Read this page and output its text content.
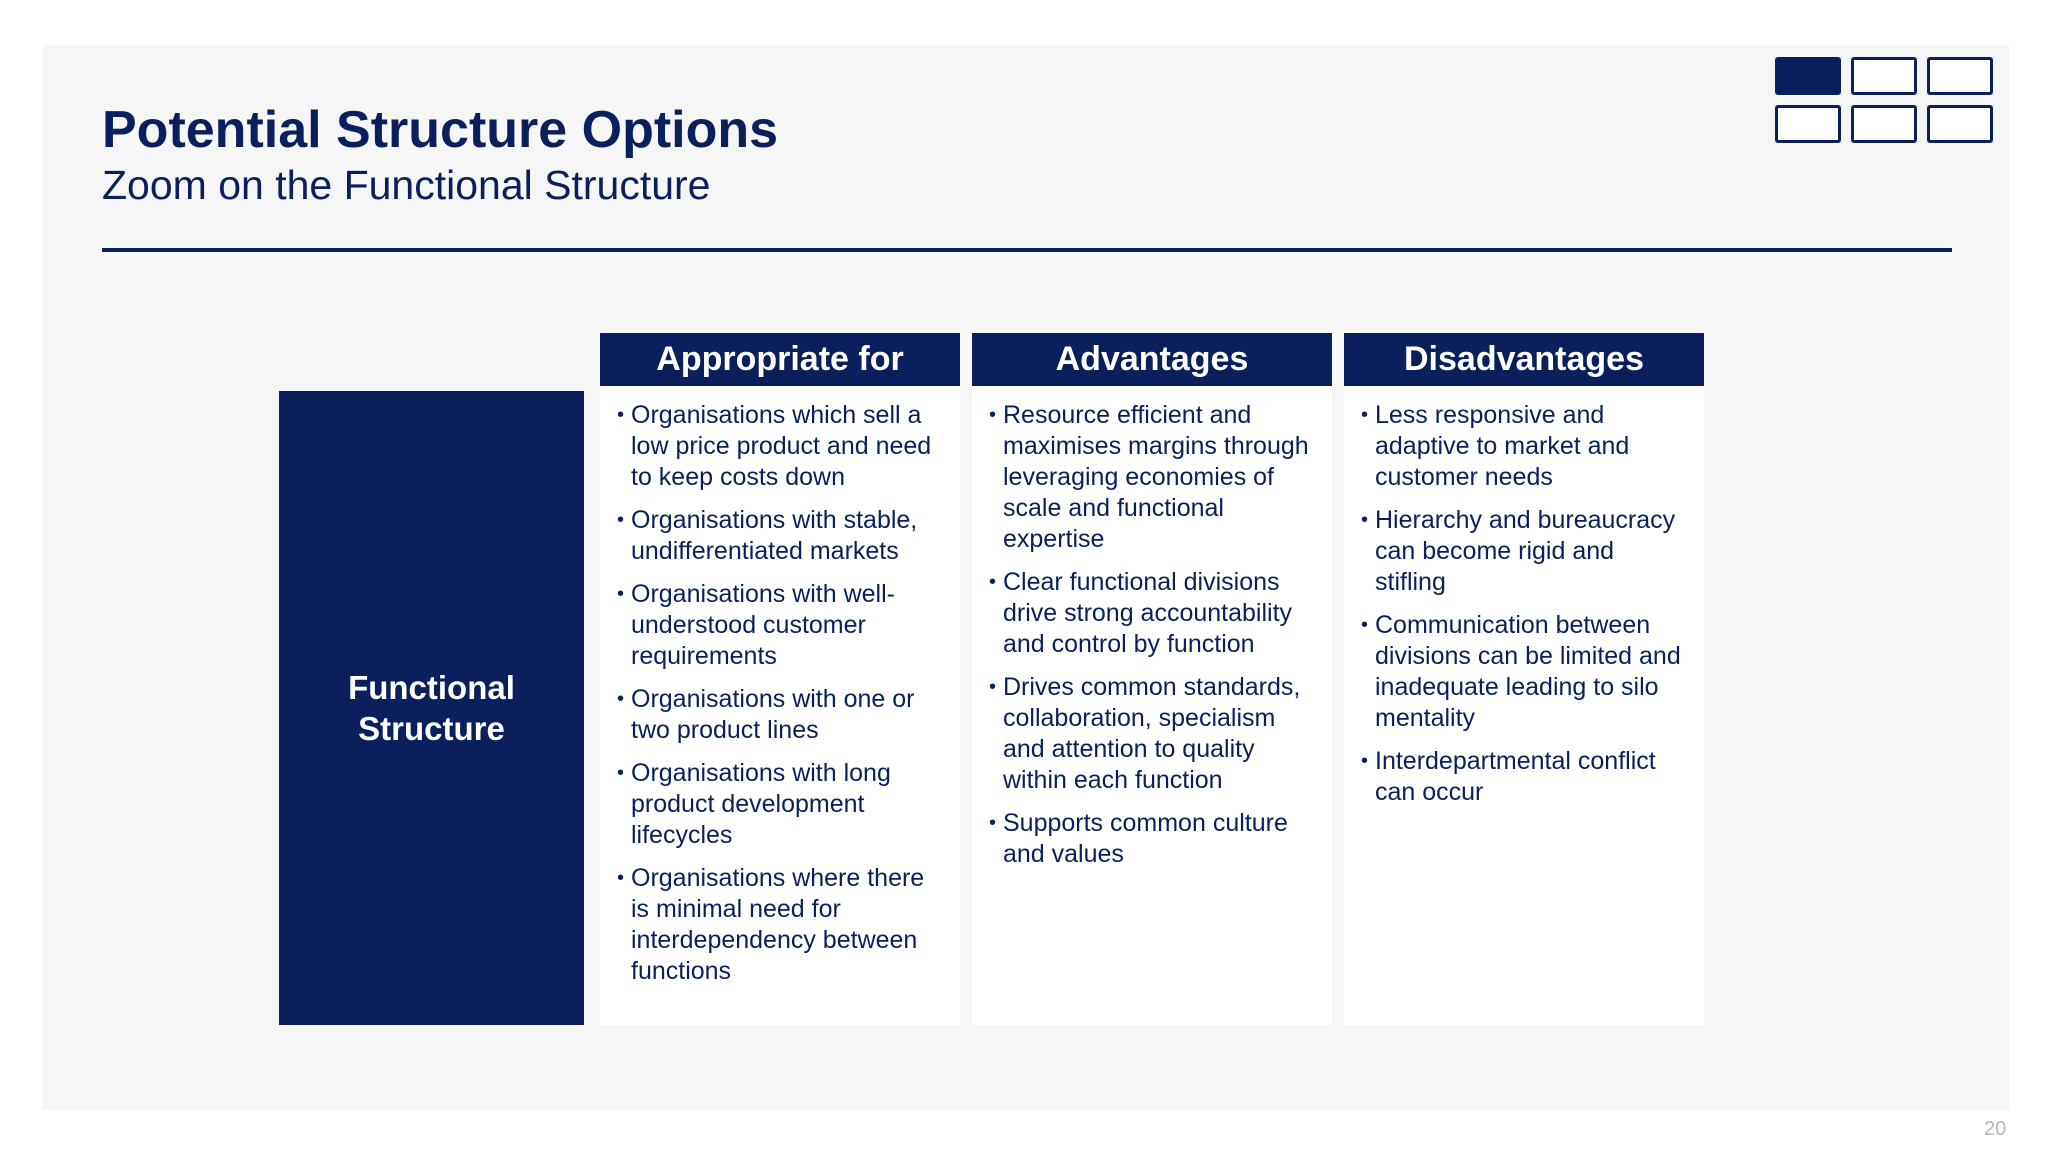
Potential Structure Options
Zoom on the Functional Structure
Functional
Structure
Appropriate for
• Organisations which sell a low price product and need to keep costs down
• Organisations with stable, undifferentiated markets
• Organisations with well-understood customer requirements
• Organisations with one or two product lines
• Organisations with long product development lifecycles
• Organisations where there is minimal need for interdependency between functions
Advantages
• Resource efficient and maximises margins through leveraging economies of scale and functional expertise
• Clear functional divisions drive strong accountability and control by function
• Drives common standards, collaboration, specialism and attention to quality within each function
• Supports common culture and values
Disadvantages
• Less responsive and adaptive to market and customer needs
• Hierarchy and bureaucracy can become rigid and stifling
• Communication between divisions can be limited and inadequate leading to silo mentality
• Interdepartmental conflict can occur
20
